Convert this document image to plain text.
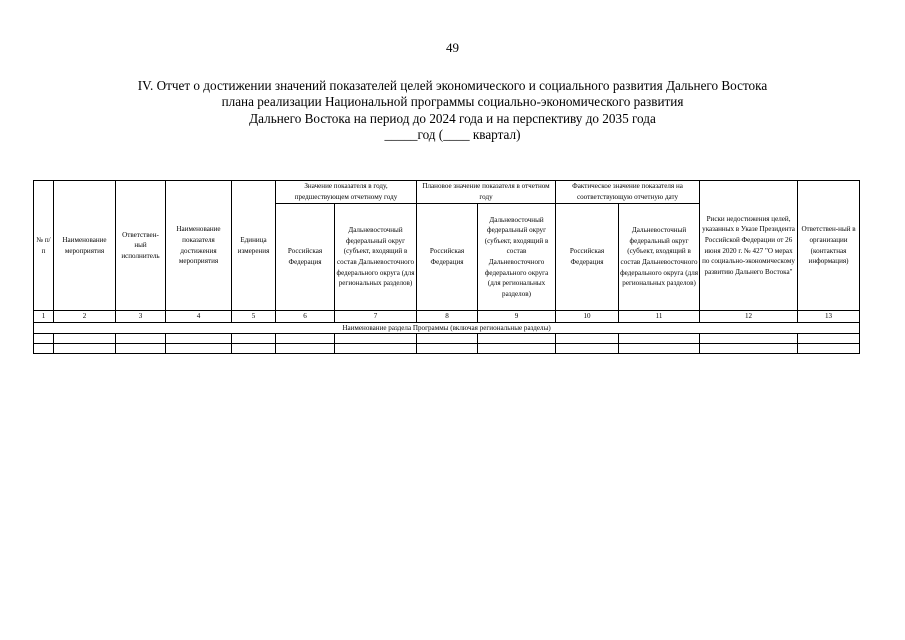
49
IV. Отчет о достижении значений показателей целей экономического и социального развития Дальнего Востока
плана реализации Национальной программы социально-экономического развития
Дальнего Востока на период до 2024 года и на перспективу до 2035 года
_____год (____ квартал)
№ п/п	Наименование мероприятия	Ответствен-ный исполнитель	Наименование показателя достижения мероприятия	Единица измерения	Значение показателя в году, предшествующем отчетному году		Плановое значение показателя в отчетном году		Фактическое значение показателя на соответствующую отчетную дату		Риски недостижения целей, указанных в Указе Президента Российской Федерации от 26 июня 2020 г. № 427 "О мерах по социально-экономическому развитию Дальнего Востока"	Ответствен-ный в организации (контактная информация)
					Российская Федерация	Дальневосточный федеральный округ (субъект, входящий в состав Дальневосточного федерального округа (для региональных разделов)	Российская Федерация	Дальневосточный федеральный округ (субъект, входящий в состав Дальневосточного федерального округа (для региональных разделов)	Российская Федерация	Дальневосточный федеральный округ (субъект, входящий в состав Дальневосточного федерального округа (для региональных разделов)		
1	2	3	4	5	6	7	8	9	10	11	12	13
Наименование раздела Программы (включая региональные разделы)												
